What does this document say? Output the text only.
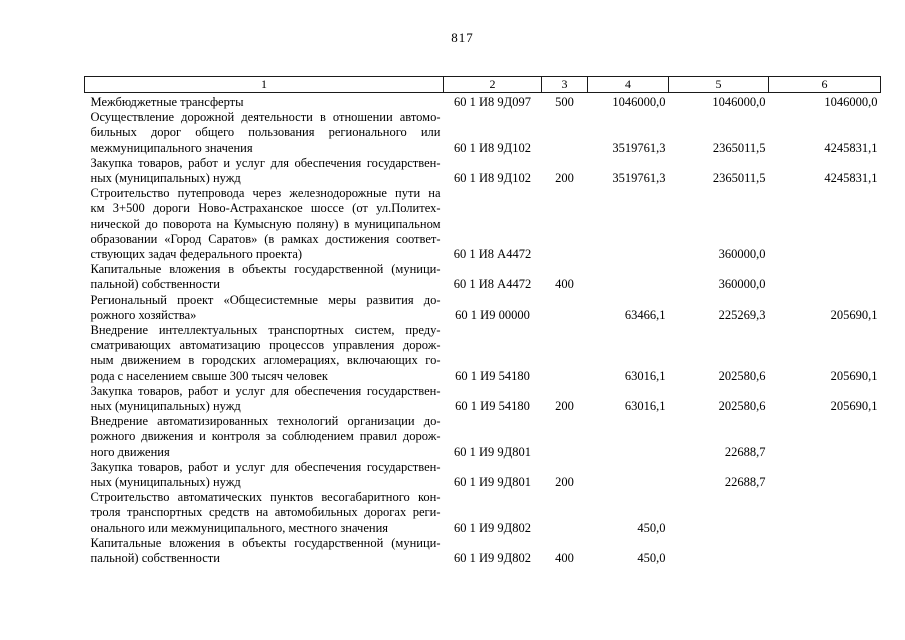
817
1	2	3	4	5	6

Межбюджетные трансферты	60 1 И8 9Д097	500	1046000,0	1046000,0	1046000,0

Осуществление дорожной деятельности в отношении автомо-
бильных дорог общего пользования регионального или
межмуниципального значения	60 1 И8 9Д102		3519761,3	2365011,5	4245831,1

Закупка товаров, работ и услуг для обеспечения государствен-
ных (муниципальных) нужд	60 1 И8 9Д102	200	3519761,3	2365011,5	4245831,1

Строительство путепровода через железнодорожные пути на
км 3+500 дороги Ново-Астраханское шоссе (от ул.Политех-
нической до поворота на Кумысную поляну) в муниципальном
образовании «Город Саратов» (в рамках достижения соответ-
ствующих задач федерального проекта)	60 1 И8 А4472			360000,0	

Капитальные вложения в объекты государственной (муници-
пальной) собственности	60 1 И8 А4472	400		360000,0	

Региональный проект «Общесистемные меры развития до-
рожного хозяйства»	60 1 И9 00000		63466,1	225269,3	205690,1

Внедрение интеллектуальных транспортных систем, преду-
сматривающих автоматизацию процессов управления дорож-
ным движением в городских агломерациях, включающих го-
рода с населением свыше 300 тысяч человек	60 1 И9 54180		63016,1	202580,6	205690,1

Закупка товаров, работ и услуг для обеспечения государствен-
ных (муниципальных) нужд	60 1 И9 54180	200	63016,1	202580,6	205690,1

Внедрение автоматизированных технологий организации до-
рожного движения и контроля за соблюдением правил дорож-
ного движения	60 1 И9 9Д801			22688,7	

Закупка товаров, работ и услуг для обеспечения государствен-
ных (муниципальных) нужд	60 1 И9 9Д801	200		22688,7	

Строительство автоматических пунктов весогабаритного кон-
троля транспортных средств на автомобильных дорогах реги-
онального или межмуниципального, местного значения	60 1 И9 9Д802		450,0		

Капитальные вложения в объекты государственной (муници-
пальной) собственности	60 1 И9 9Д802	400	450,0		
